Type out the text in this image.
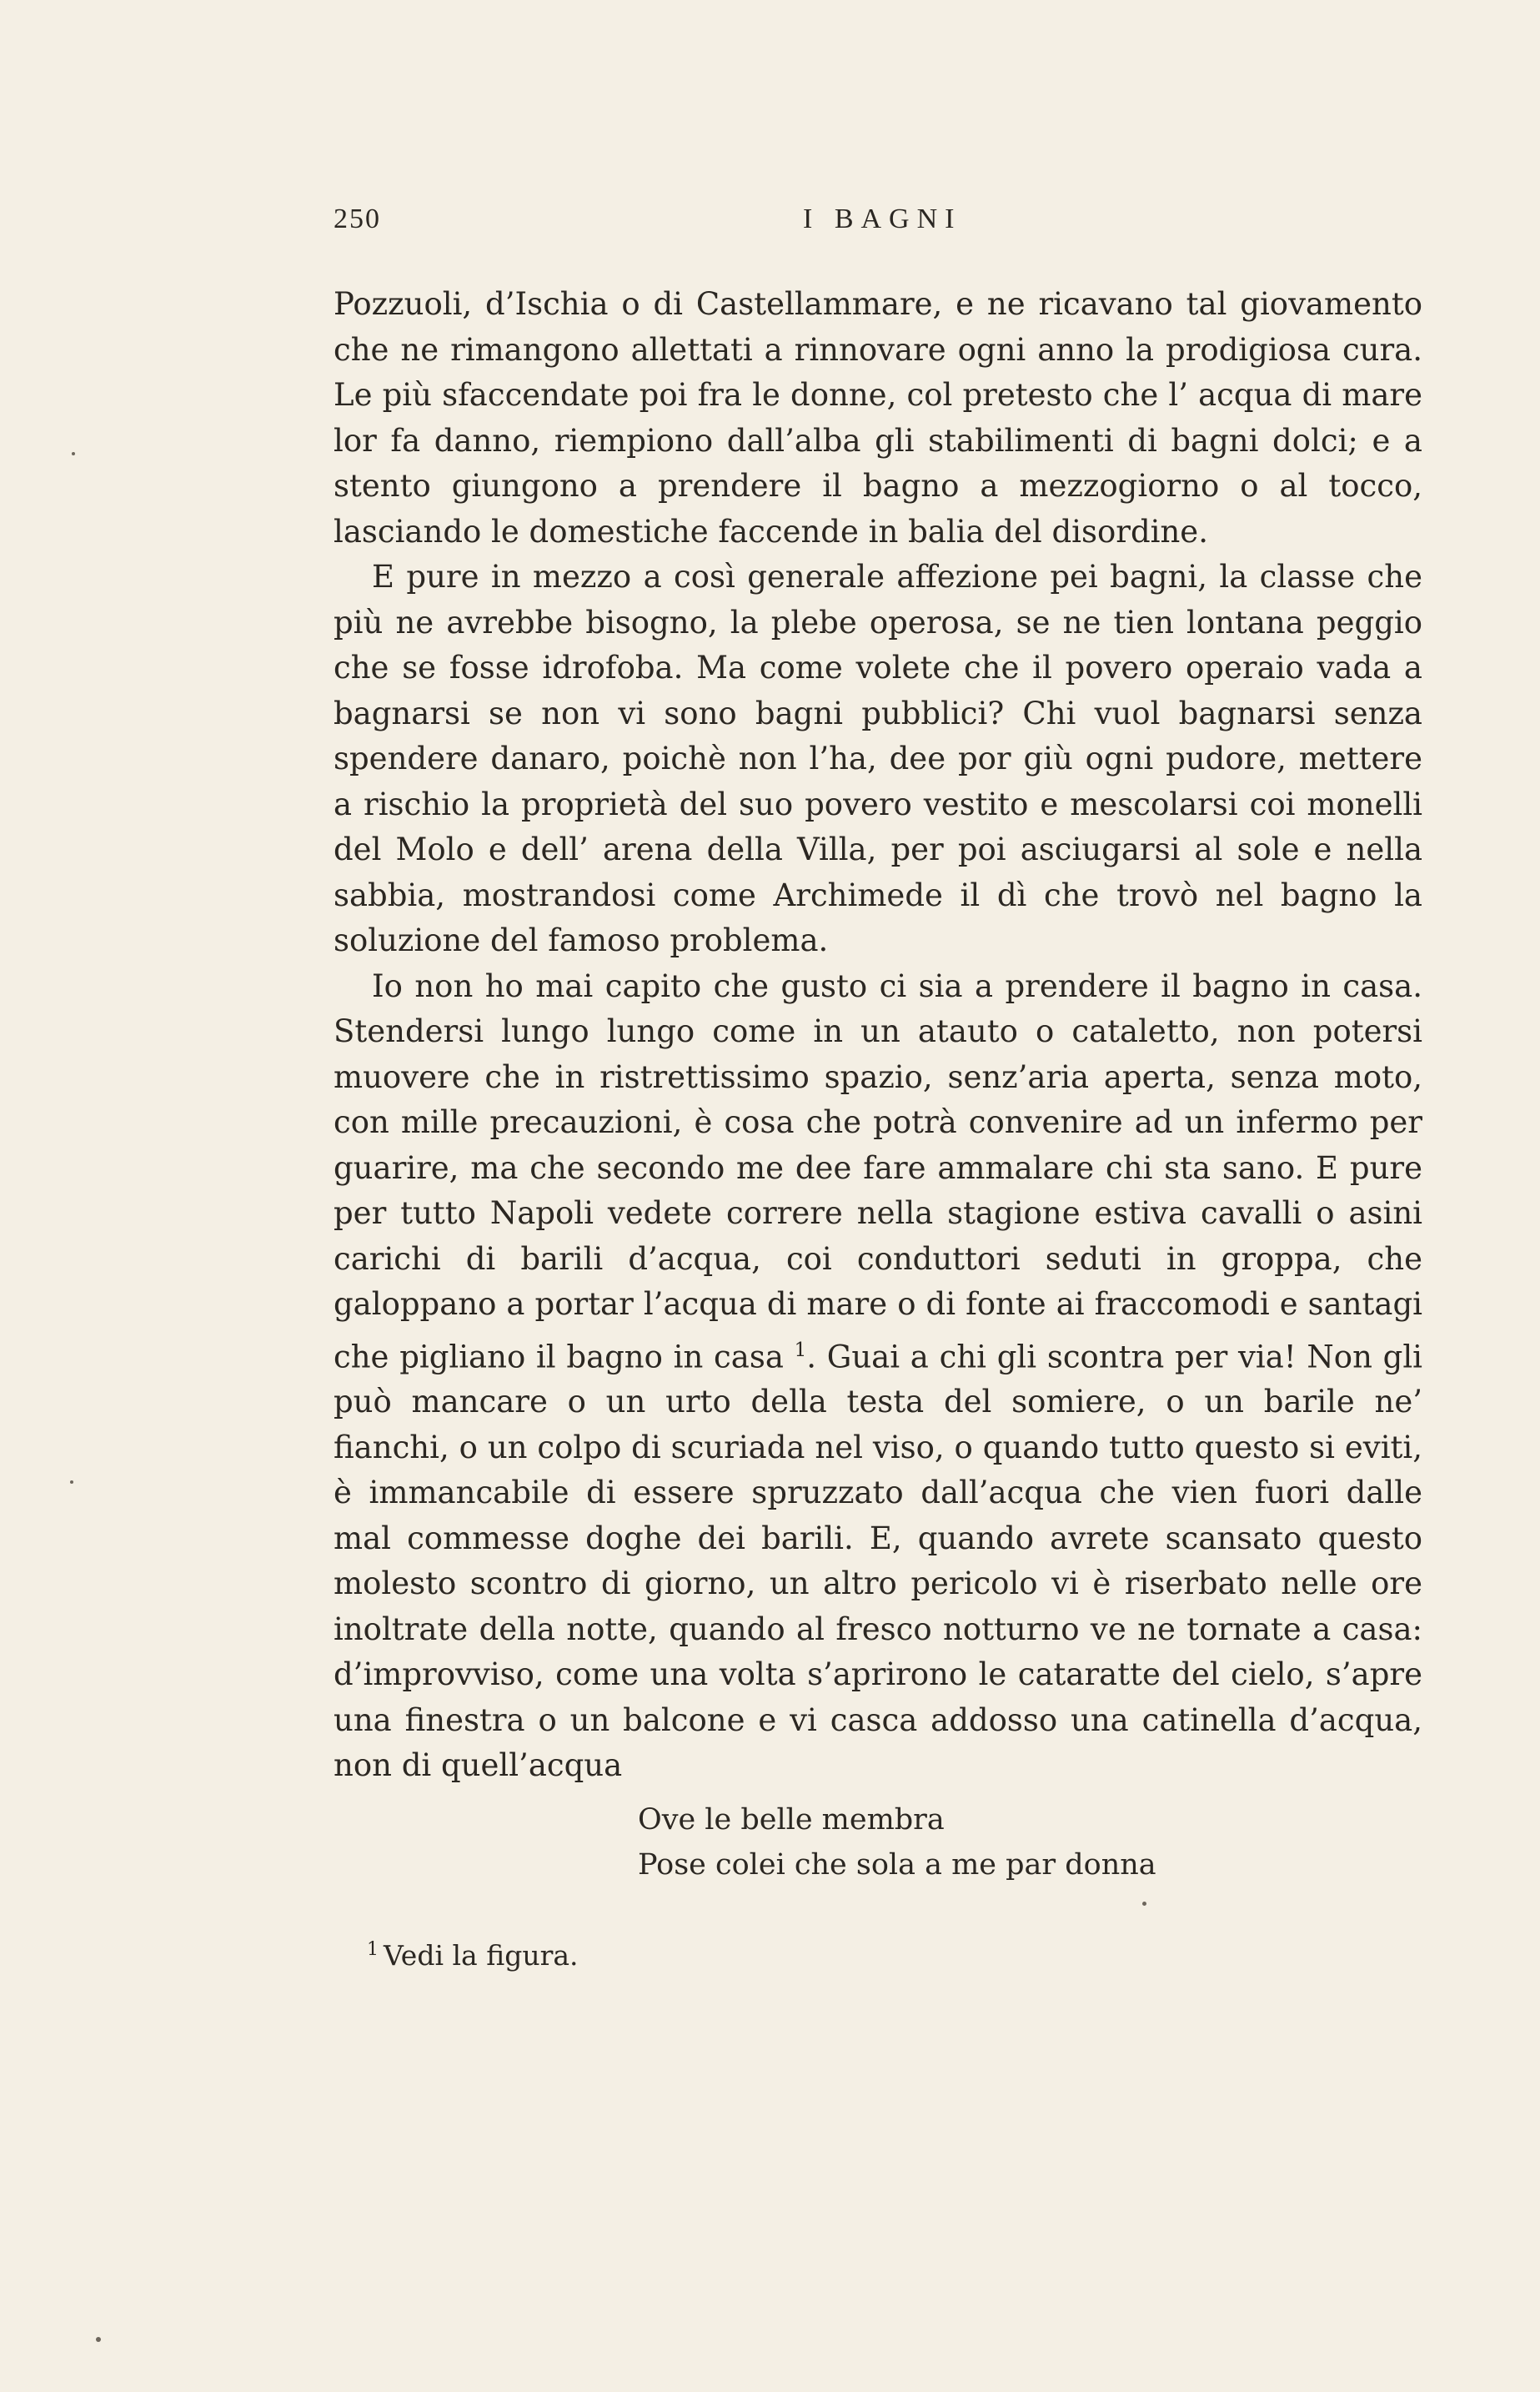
250	I BAGNI

Pozzuoli, d’Ischia o di Castellammare, e ne ricavano tal giovamento che ne rimangono allettati a rinnovare ogni anno la prodigiosa cura. Le più sfaccendate poi fra le donne, col pretesto che l’ acqua di mare lor fa danno, riempiono dall’alba gli stabilimenti di bagni dolci; e a stento giungono a prendere il bagno a mezzogiorno o al tocco, lasciando le domestiche faccende in balia del disordine.

E pure in mezzo a così generale affezione pei bagni, la classe che più ne avrebbe bisogno, la plebe operosa, se ne tien lontana peggio che se fosse idrofoba. Ma come volete che il povero operaio vada a bagnarsi se non vi sono bagni pubblici? Chi vuol bagnarsi senza spendere danaro, poichè non l’ha, dee por giù ogni pudore, mettere a rischio la proprietà del suo povero vestito e mescolarsi coi monelli del Molo e dell’ arena della Villa, per poi asciugarsi al sole e nella sabbia, mostrandosi come Archimede il dì che trovò nel bagno la soluzione del famoso problema.

Io non ho mai capito che gusto ci sia a prendere il bagno in casa. Stendersi lungo lungo come in un atauto o cataletto, non potersi muovere che in ristrettissimo spazio, senz’aria aperta, senza moto, con mille precauzioni, è cosa che potrà convenire ad un infermo per guarire, ma che secondo me dee fare ammalare chi sta sano. E pure per tutto Napoli vedete correre nella stagione estiva cavalli o asini carichi di barili d’acqua, coi conduttori seduti in groppa, che galoppano a portar l’acqua di mare o di fonte ai fraccomodi e santagi che pigliano il bagno in casa $^1$. Guai a chi gli scontra per via! Non gli può mancare o un urto della testa del somiere, o un barile ne’ fianchi, o un colpo di scuriada nel viso, o quando tutto questo si eviti, è immancabile di essere spruzzato dall’acqua che vien fuori dalle mal commesse doghe dei barili. E, quando avrete scansato questo molesto scontro di giorno, un altro pericolo vi è riserbato nelle ore inoltrate della notte, quando al fresco notturno ve ne tornate a casa: d’improvviso, come una volta s’aprirono le cataratte del cielo, s’apre una finestra o un balcone e vi casca addosso una catinella d’acqua, non di quell’acqua

Ove le belle membra
Pose colei che sola a me par donna
$^1$ Vedi la figura.
